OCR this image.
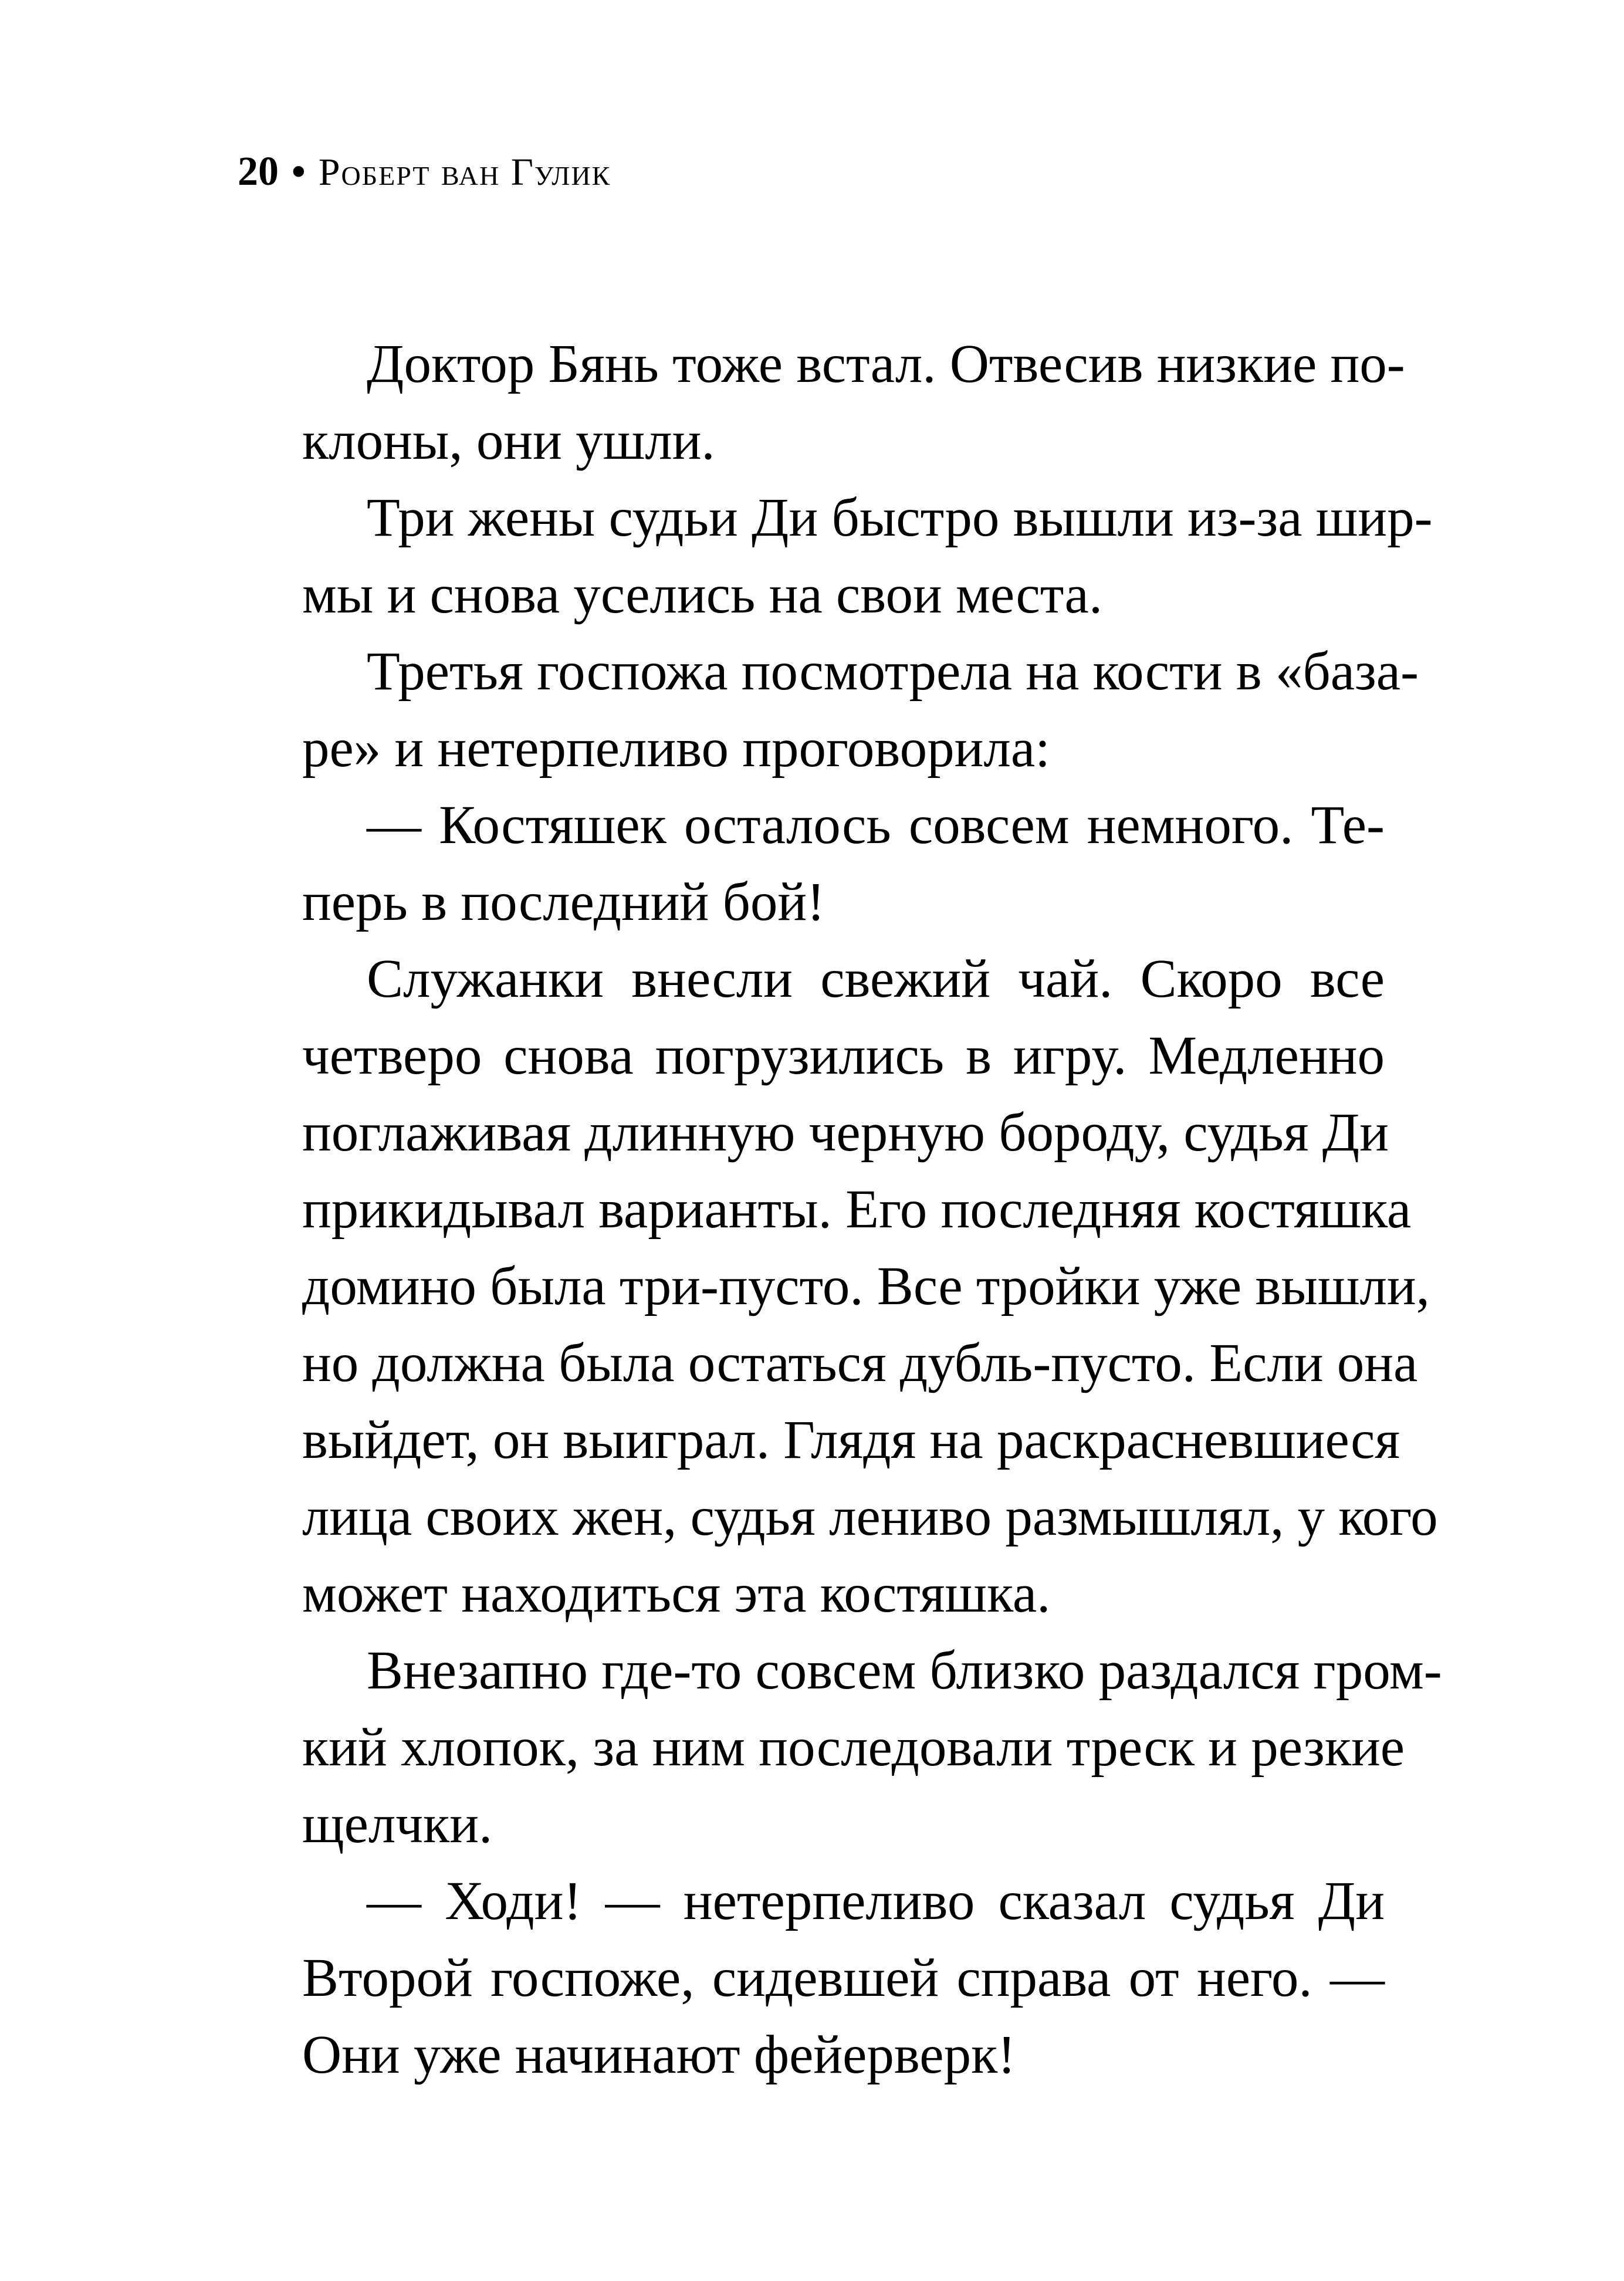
20 • Роберт ван Гулик
Доктор Бянь тоже встал. Отвесив низкие по-
клоны, они ушли.
Три жены судьи Ди быстро вышли из-за шир-
мы и снова уселись на свои места.
Третья госпожа посмотрела на кости в «база-
ре» и нетерпеливо проговорила:
— Костяшек осталось совсем немного. Те-
перь в последний бой!
Служанки внесли свежий чай. Скоро все
четверо снова погрузились в игру. Медленно
поглаживая длинную черную бороду, судья Ди
прикидывал варианты. Его последняя костяшка
домино была три-пусто. Все тройки уже вышли,
но должна была остаться дубль-пусто. Если она
выйдет, он выиграл. Глядя на раскрасневшиеся
лица своих жен, судья лениво размышлял, у кого
может находиться эта костяшка.
Внезапно где-то совсем близко раздался гром-
кий хлопок, за ним последовали треск и резкие
щелчки.
— Ходи! — нетерпеливо сказал судья Ди
Второй госпоже, сидевшей справа от него. —
Они уже начинают фейерверк!
